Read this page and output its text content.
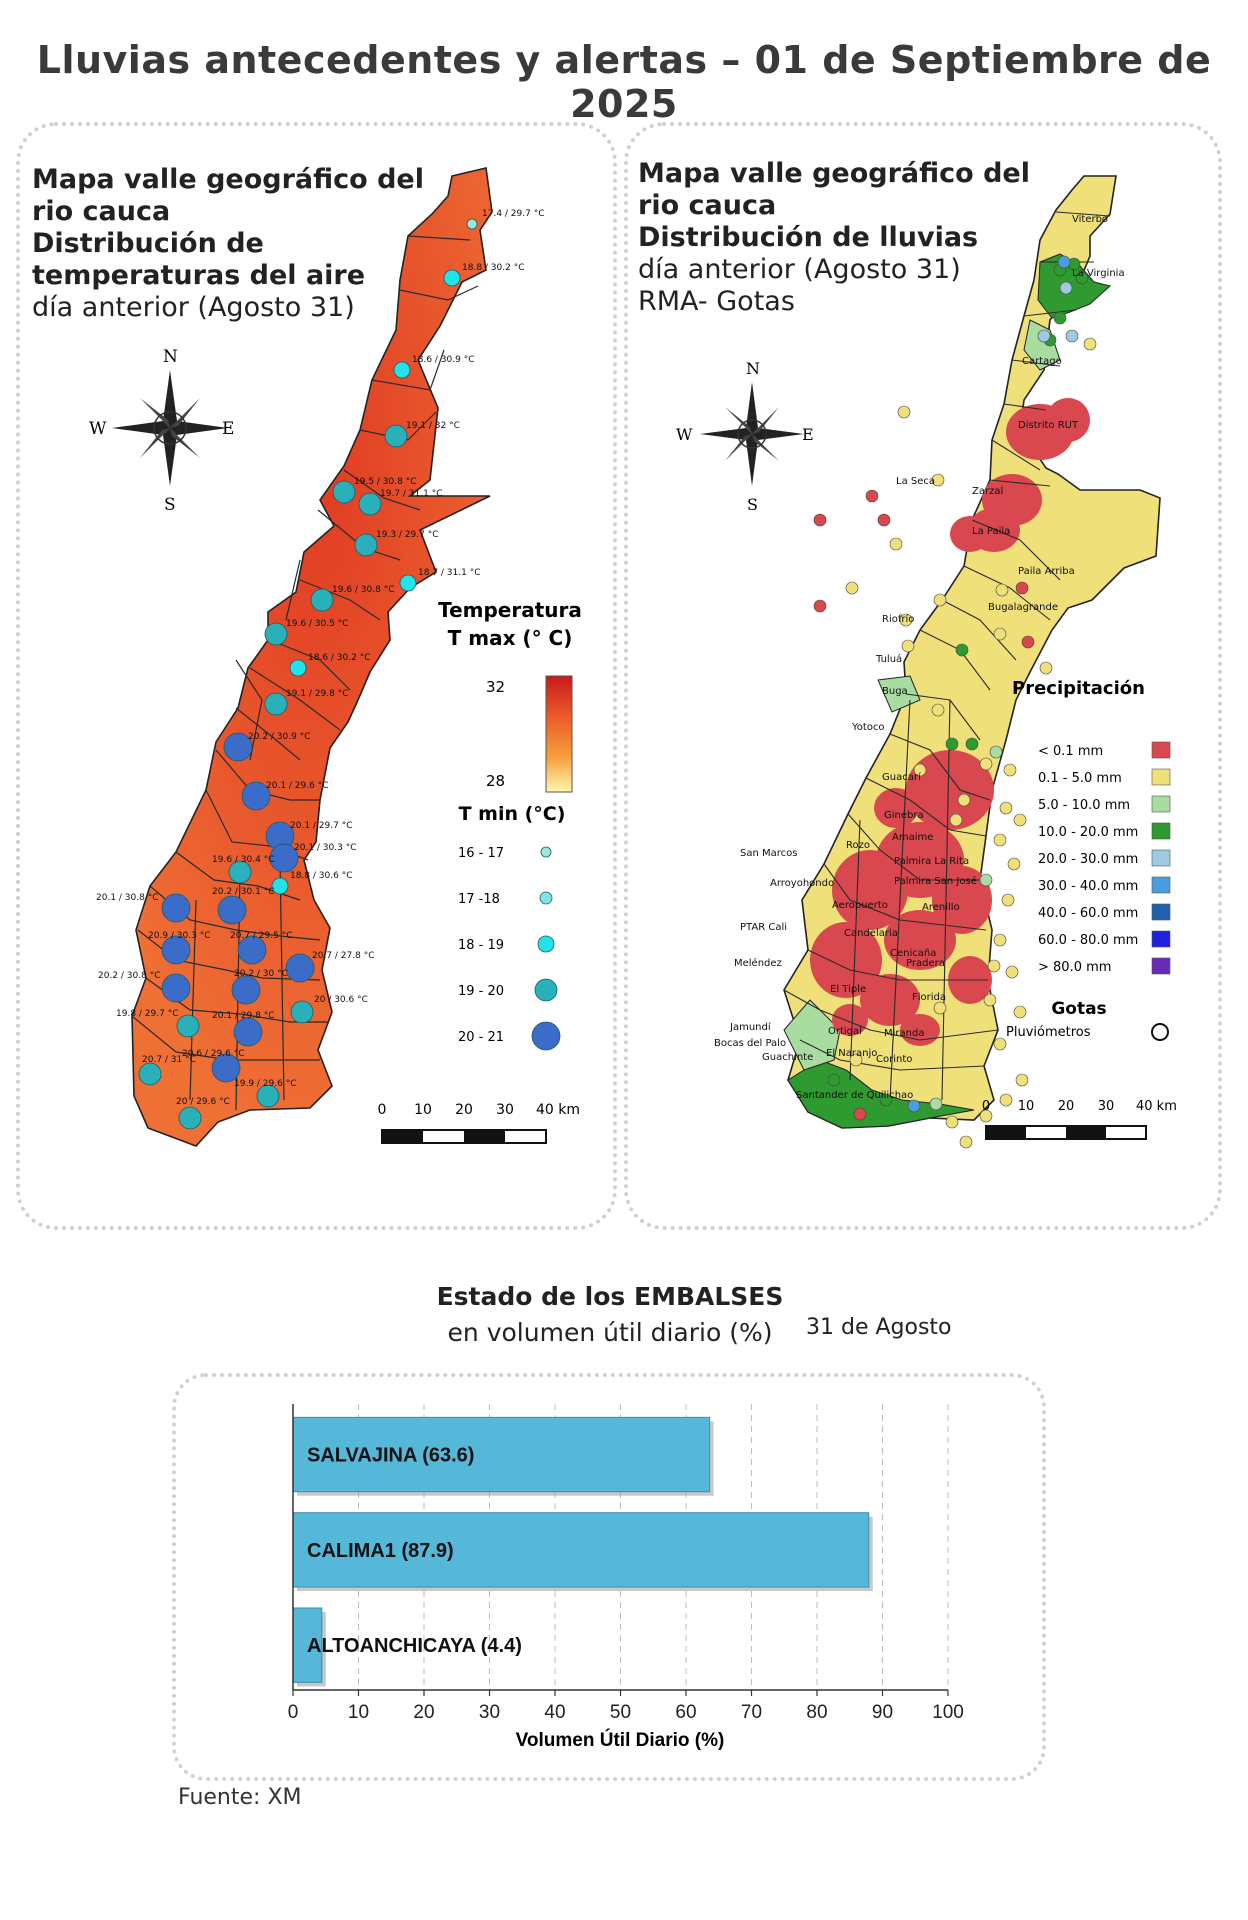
Lluvias antecedentes y alertas – 01 de Septiembre de 2025
Mapa valle geográfico del
rio cauca
Distribución de
temperaturas del aire
día anterior (Agosto 31)
N
S
E
W
17.4 / 29.7 °C
18.8 / 30.2 °C
18.6 / 30.9 °C
19.1 / 32 °C
19.5 / 30.8 °C
19.7 / 31.1 °C
19.3 / 29.7 °C
18.7 / 31.1 °C
19.6 / 30.8 °C
19.6 / 30.5 °C
18.6 / 30.2 °C
19.1 / 29.8 °C
20.2 / 30.9 °C
20.1 / 29.6 °C
20.1 / 29.7 °C
20.1 / 30.3 °C
19.6 / 30.4 °C
18.8 / 30.6 °C
20.1 / 30.8 °C
20.2 / 30.1 °C
20.9 / 30.3 °C 20.7 / 29.5 °C
20.7 / 27.8 °C
20.2 / 30.8 °C	20.2 / 30 °C
20 / 30.6 °C
19.8 / 29.7 °C	20.1 / 29.8 °C
20.7 / 31 °C
20.6 / 29.6 °C
19.9 / 29.6 °C
20 / 29.6 °C
Temperatura
T max (° C)
32
28
T min (°C)
16 - 17
17 -18
18 - 19
19 - 20
20 - 21
0 10 20 30 40 km
Mapa valle geográfico del
rio cauca
Distribución de lluvias
día anterior (Agosto 31)
RMA- Gotas
N
S
E
W
Viterbo
La Virginia
Cartago
Distrito RUT
La Seca
Zarzal
La Paila
Paila Arriba
Bugalagrande
Riofrío
Tuluá
Buga
Yotoco
Guacarí
Ginebra
Amaime
Rozo
Palmira La Rita
San Marcos
Palmira San José
Arroyohondo
Aeropuerto	Arenillo
PTAR Cali
Candelaria
Cenicaña
Pradera
Meléndez
El Tiple
Florida
Jamundí
Bocas del Palo
Ortigal Miranda
El Naranjo
Guachinte	Corinto
Santander de Quilichao
Precipitación
< 0.1 mm
0.1 - 5.0 mm
5.0 - 10.0 mm
10.0 - 20.0 mm
20.0 - 30.0 mm
30.0 - 40.0 mm
40.0 - 60.0 mm
60.0 - 80.0 mm
> 80.0 mm
Gotas
Pluviómetros
0 10 20 30 40 km
Estado de los EMBALSES
en volumen útil diario (%)	31 de Agosto
SALVAJINA (63.6)
CALIMA1 (87.9)
ALTOANCHICAYA (4.4)
0	10 20 30 40 50 60 70 80 90 100
Volumen Útil Diario (%)
Fuente: XM
